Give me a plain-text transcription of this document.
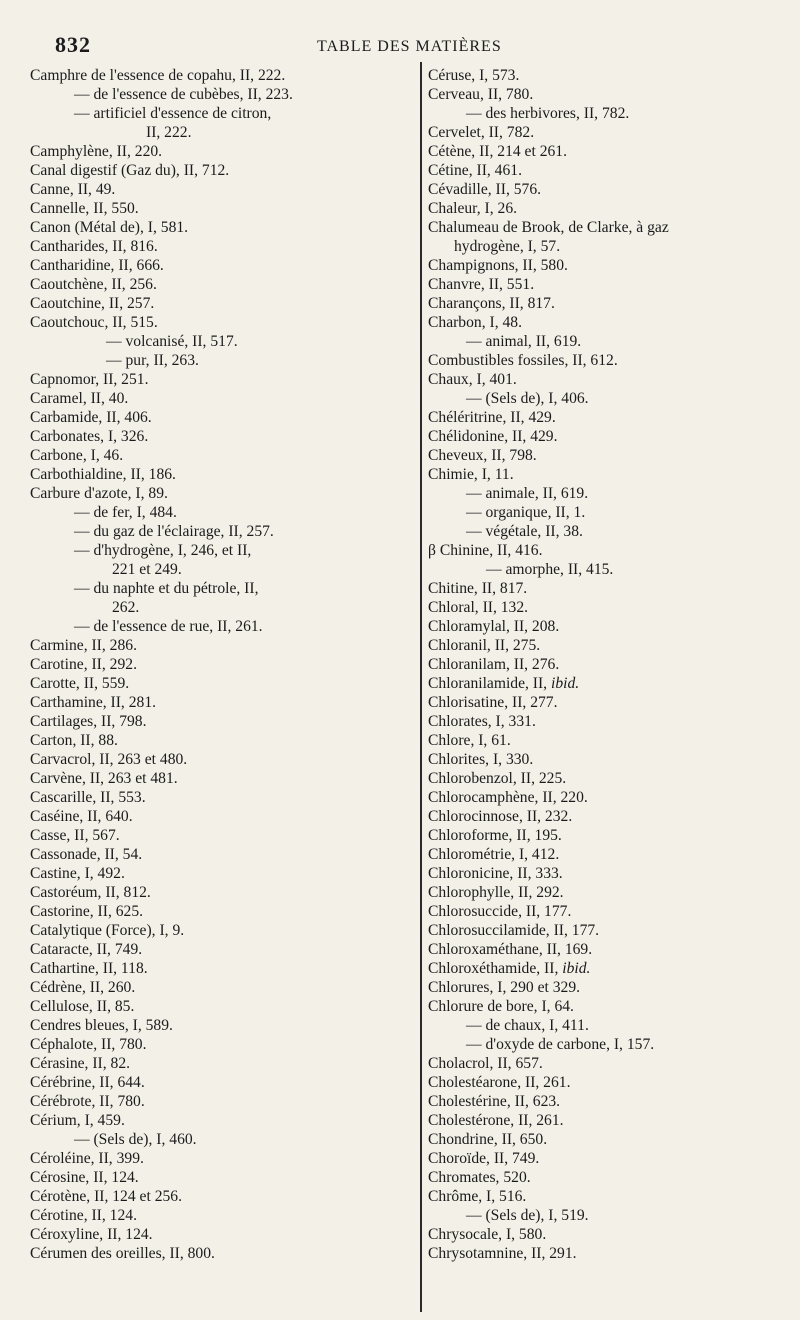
832	TABLE DES MATIÈRES
Camphre de l'essence de copahu, II, 222.
— de l'essence de cubèbes, II, 223.
— artificiel d'essence de citron,
II, 222.
Camphylène, II, 220.
Canal digestif (Gaz du), II, 712.
Canne, II, 49.
Cannelle, II, 550.
Canon (Métal de), I, 581.
Cantharides, II, 816.
Cantharidine, II, 666.
Caoutchène, II, 256.
Caoutchine, II, 257.
Caoutchouc, II, 515.
— volcanisé, II, 517.
— pur, II, 263.
Capnomor, II, 251.
Caramel, II, 40.
Carbamide, II, 406.
Carbonates, I, 326.
Carbone, I, 46.
Carbothialdine, II, 186.
Carbure d'azote, I, 89.
— de fer, I, 484.
— du gaz de l'éclairage, II, 257.
— d'hydrogène, I, 246, et II,
221 et 249.
— du naphte et du pétrole, II,
262.
— de l'essence de rue, II, 261.
Carmine, II, 286.
Carotine, II, 292.
Carotte, II, 559.
Carthamine, II, 281.
Cartilages, II, 798.
Carton, II, 88.
Carvacrol, II, 263 et 480.
Carvène, II, 263 et 481.
Cascarille, II, 553.
Caséine, II, 640.
Casse, II, 567.
Cassonade, II, 54.
Castine, I, 492.
Castoréum, II, 812.
Castorine, II, 625.
Catalytique (Force), I, 9.
Cataracte, II, 749.
Cathartine, II, 118.
Cédrène, II, 260.
Cellulose, II, 85.
Cendres bleues, I, 589.
Céphalote, II, 780.
Cérasine, II, 82.
Cérébrine, II, 644.
Cérébrote, II, 780.
Cérium, I, 459.
— (Sels de), I, 460.
Céroléine, II, 399.
Cérosine, II, 124.
Cérotène, II, 124 et 256.
Cérotine, II, 124.
Céroxyline, II, 124.
Cérumen des oreilles, II, 800.
Céruse, I, 573.
Cerveau, II, 780.
— des herbivores, II, 782.
Cervelet, II, 782.
Cétène, II, 214 et 261.
Cétine, II, 461.
Cévadille, II, 576.
Chaleur, I, 26.
Chalumeau de Brook, de Clarke, à gaz
hydrogène, I, 57.
Champignons, II, 580.
Chanvre, II, 551.
Charançons, II, 817.
Charbon, I, 48.
— animal, II, 619.
Combustibles fossiles, II, 612.
Chaux, I, 401.
— (Sels de), I, 406.
Chéléritrine, II, 429.
Chélidonine, II, 429.
Cheveux, II, 798.
Chimie, I, 11.
— animale, II, 619.
— organique, II, 1.
— végétale, II, 38.
β Chinine, II, 416.
— amorphe, II, 415.
Chitine, II, 817.
Chloral, II, 132.
Chloramylal, II, 208.
Chloranil, II, 275.
Chloranilam, II, 276.
Chloranilamide, II, ibid.
Chlorisatine, II, 277.
Chlorates, I, 331.
Chlore, I, 61.
Chlorites, I, 330.
Chlorobenzol, II, 225.
Chlorocamphène, II, 220.
Chlorocinnose, II, 232.
Chloroforme, II, 195.
Chlorométrie, I, 412.
Chloronicine, II, 333.
Chlorophylle, II, 292.
Chlorosuccide, II, 177.
Chlorosuccilamide, II, 177.
Chloroxaméthane, II, 169.
Chloroxéthamide, II, ibid.
Chlorures, I, 290 et 329.
Chlorure de bore, I, 64.
— de chaux, I, 411.
— d'oxyde de carbone, I, 157.
Cholacrol, II, 657.
Cholestéarone, II, 261.
Cholestérine, II, 623.
Cholestérone, II, 261.
Chondrine, II, 650.
Choroïde, II, 749.
Chromates, 520.
Chrôme, I, 516.
— (Sels de), I, 519.
Chrysocale, I, 580.
Chrysotamnine, II, 291.
